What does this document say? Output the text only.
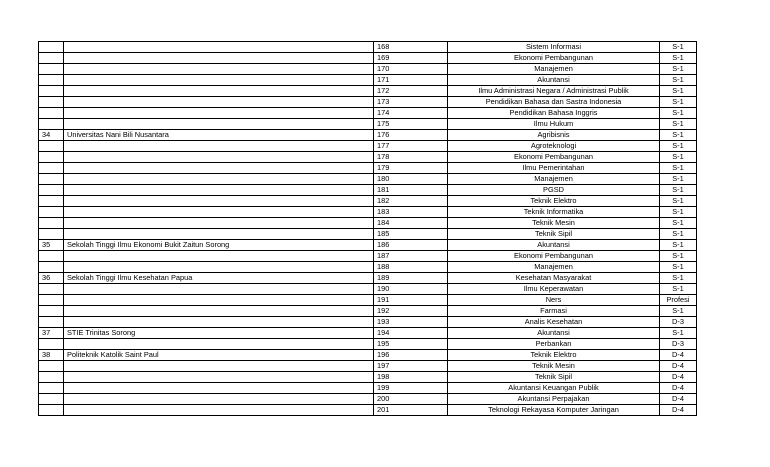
		168	Sistem Informasi	S-1
		169	Ekonomi Pembangunan	S-1
		170	Manajemen	S-1
		171	Akuntansi	S-1
		172	Ilmu Administrasi Negara / Administrasi Publik	S-1
		173	Pendidikan Bahasa dan Sastra Indonesia	S-1
		174	Pendidikan Bahasa Inggris	S-1
		175	Ilmu Hukum	S-1
34	Universitas Nani Bili Nusantara	176	Agribisnis	S-1
		177	Agroteknologi	S-1
		178	Ekonomi Pembangunan	S-1
		179	Ilmu Pemerintahan	S-1
		180	Manajemen	S-1
		181	PGSD	S-1
		182	Teknik Elektro	S-1
		183	Teknik Informatika	S-1
		184	Teknik Mesin	S-1
		185	Teknik Sipil	S-1
35	Sekolah Tinggi Ilmu Ekonomi Bukit Zaitun Sorong	186	Akuntansi	S-1
		187	Ekonomi Pembangunan	S-1
		188	Manajemen	S-1
36	Sekolah Tinggi Ilmu Kesehatan Papua	189	Kesehatan Masyarakat	S-1
		190	Ilmu Keperawatan	S-1
		191	Ners	Profesi
		192	Farmasi	S-1
		193	Analis Kesehatan	D-3
37	STIE Trinitas Sorong	194	Akuntansi	S-1
		195	Perbankan	D-3
38	Politeknik Katolik Saint Paul	196	Teknik Elektro	D-4
		197	Teknik Mesin	D-4
		198	Teknik Sipil	D-4
		199	Akuntansi Keuangan Publik	D-4
		200	Akuntansi Perpajakan	D-4
		201	Teknologi Rekayasa Komputer Jaringan	D-4
